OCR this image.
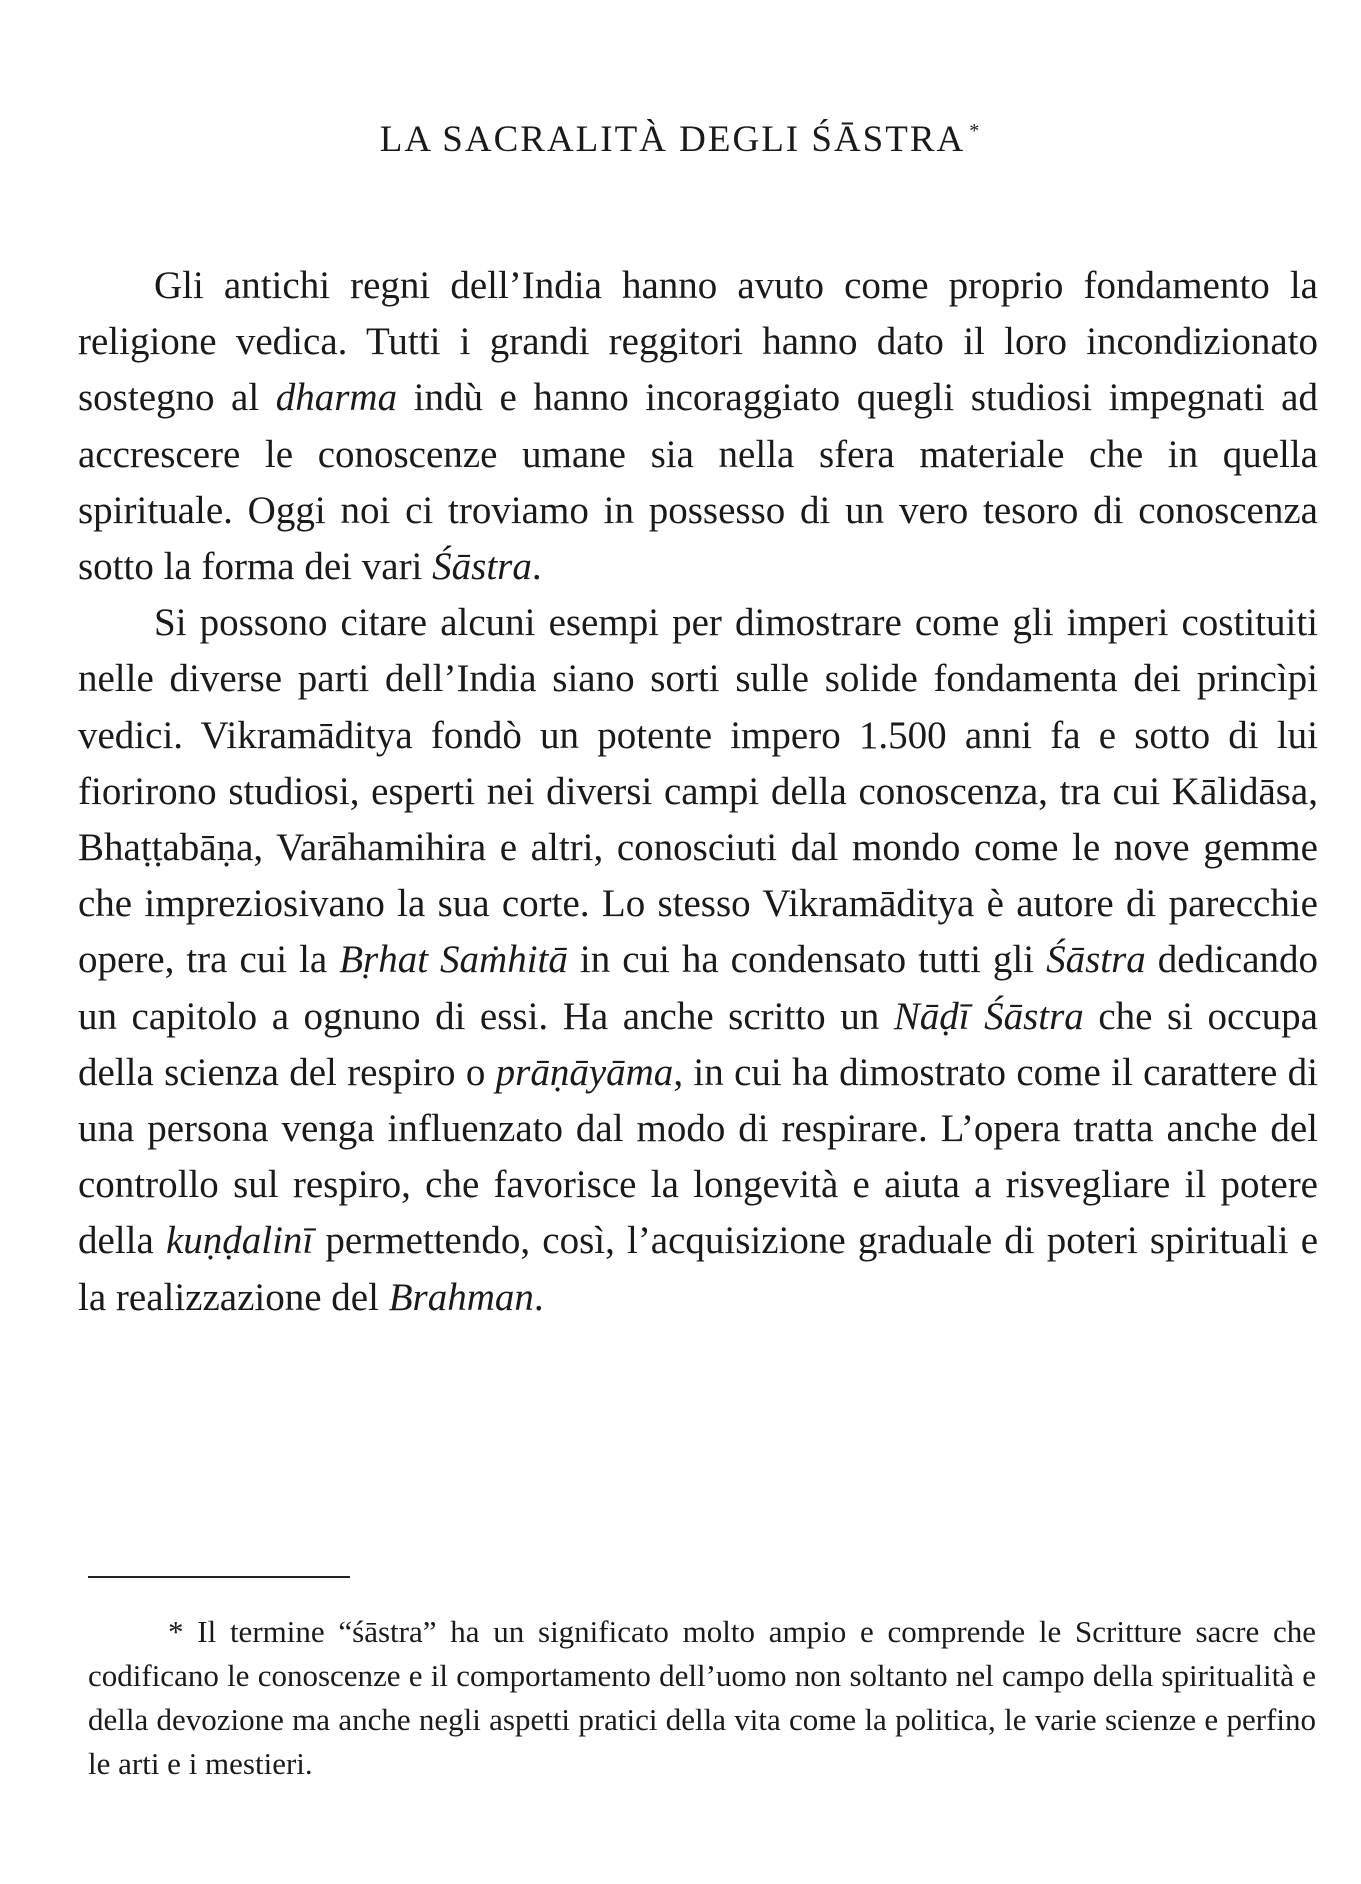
LA SACRALITÀ DEGLI ŚĀSTRA *

Gli antichi regni dell’India hanno avuto come proprio fondamento la religione vedica. Tutti i grandi reggitori hanno dato il loro incondizionato sostegno al dharma indù e hanno incoraggiato quegli studiosi impegnati ad accrescere le conoscenze umane sia nella sfera materiale che in quella spirituale. Oggi noi ci troviamo in possesso di un vero tesoro di conoscenza sotto la forma dei vari Śāstra.

Si possono citare alcuni esempi per dimostrare come gli imperi costituiti nelle diverse parti dell’India siano sorti sulle solide fondamenta dei princìpi vedici. Vikramāditya fondò un potente impero 1.500 anni fa e sotto di lui fiorirono studiosi, esperti nei diversi campi della conoscenza, tra cui Kālidāsa, Bhaṭṭabāṇa, Varāhamihira e altri, conosciuti dal mondo come le nove gemme che impreziosivano la sua corte. Lo stesso Vikramāditya è autore di parecchie opere, tra cui la Bṛhat Saṁhitā in cui ha condensato tutti gli Śāstra dedicando un capitolo a ognuno di essi. Ha anche scritto un Nāḍī Śāstra che si occupa della scienza del respiro o prāṇāyāma, in cui ha dimostrato come il carattere di una persona venga influenzato dal modo di respirare. L’opera tratta anche del controllo sul respiro, che favorisce la longevità e aiuta a risvegliare il potere della kuṇḍalinī permettendo, così, l’acquisizione graduale di poteri spirituali e la realizzazione del Brahman.

* Il termine “śāstra” ha un significato molto ampio e comprende le Scritture sacre che codificano le conoscenze e il comportamento dell’uomo non soltanto nel campo della spiritualità e della devozione ma anche negli aspetti pratici della vita come la politica, le varie scienze e perfino le arti e i mestieri.
